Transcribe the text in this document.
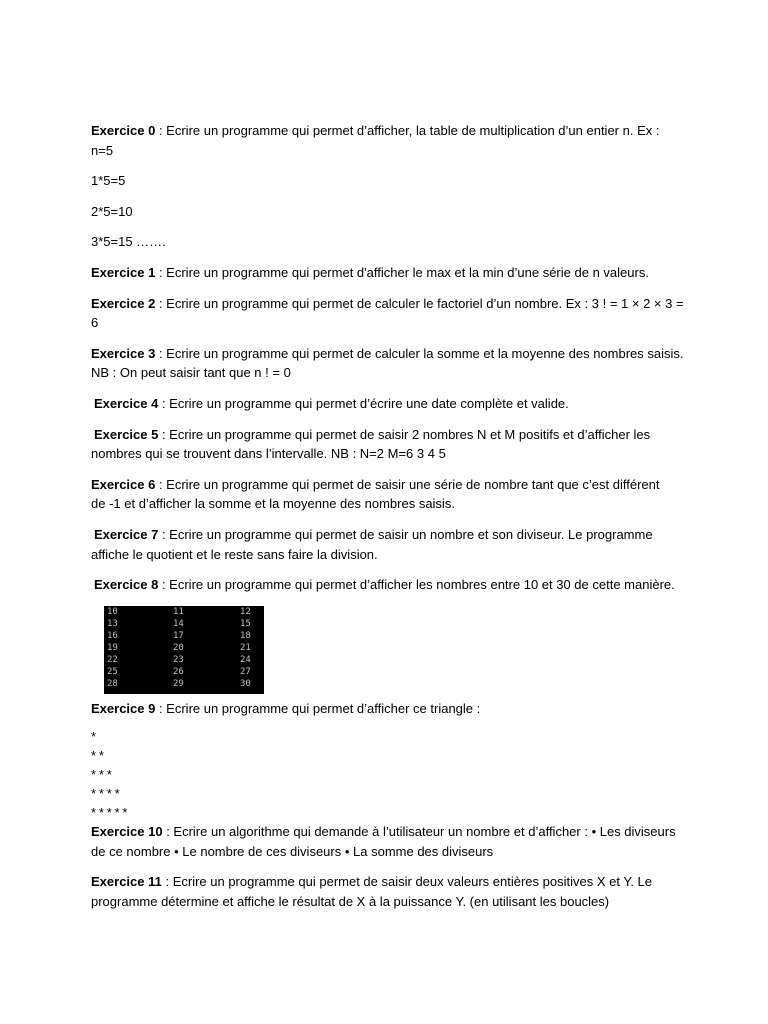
Exercice 0 : Ecrire un programme qui permet d’afficher, la table de multiplication d’un entier n. Ex :
n=5

1*5=5

2*5=10

3*5=15 …….

Exercice 1 : Ecrire un programme qui permet d'afficher le max et la min d’une série de n valeurs.

Exercice 2 : Ecrire un programme qui permet de calculer le factoriel d’un nombre. Ex : 3 ! = 1 × 2 × 3 =
6

Exercice 3 : Ecrire un programme qui permet de calculer la somme et la moyenne des nombres saisis.
NB : On peut saisir tant que n ! = 0

Exercice 4 : Ecrire un programme qui permet d’écrire une date complète et valide.

Exercice 5 : Ecrire un programme qui permet de saisir 2 nombres N et M positifs et d’afficher les
nombres qui se trouvent dans l’intervalle. NB : N=2 M=6 3 4 5

Exercice 6 : Ecrire un programme qui permet de saisir une série de nombre tant que c’est différent
de -1 et d’afficher la somme et la moyenne des nombres saisis.

Exercice 7 : Ecrire un programme qui permet de saisir un nombre et son diviseur. Le programme
affiche le quotient et le reste sans faire la division.

Exercice 8 : Ecrire un programme qui permet d’afficher les nombres entre 10 et 30 de cette manière.

10	11	12
13	14	15
16	17	18
19	20	21
22	23	24
25	26	27
28	29	30

Exercice 9 : Ecrire un programme qui permet d’afficher ce triangle :

*
**
***
****
*****

Exercice 10 : Ecrire un algorithme qui demande à l’utilisateur un nombre et d’afficher : • Les diviseurs
de ce nombre • Le nombre de ces diviseurs • La somme des diviseurs

Exercice 11 : Ecrire un programme qui permet de saisir deux valeurs entières positives X et Y. Le
programme détermine et affiche le résultat de X à la puissance Y. (en utilisant les boucles)
